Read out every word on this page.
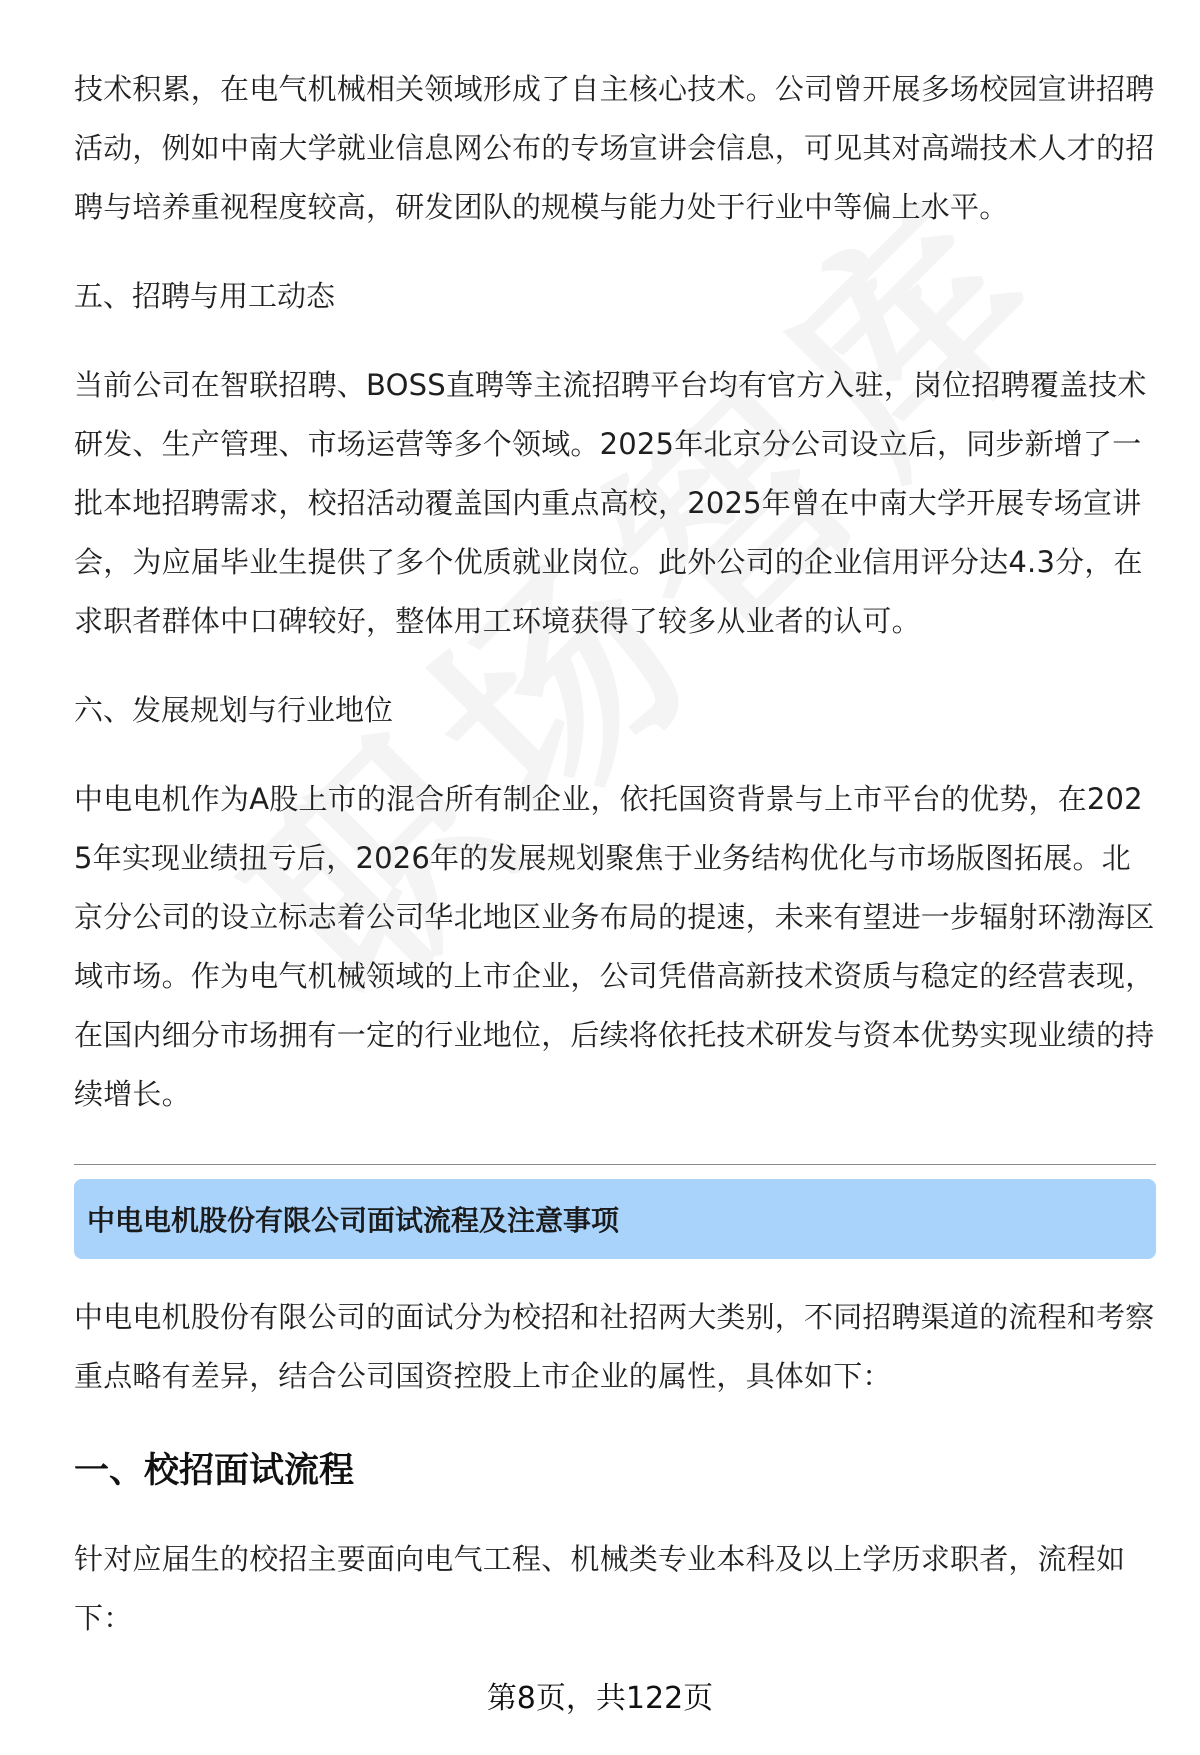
技术积累，在电气机械相关领域形成了自主核心技术。公司曾开展多场校园宣讲招聘活动，例如中南大学就业信息网公布的专场宣讲会信息，可见其对高端技术人才的招聘与培养重视程度较高，研发团队的规模与能力处于行业中等偏上水平。

五、招聘与用工动态

当前公司在智联招聘、BOSS直聘等主流招聘平台均有官方入驻，岗位招聘覆盖技术研发、生产管理、市场运营等多个领域。2025年北京分公司设立后，同步新增了一批本地招聘需求，校招活动覆盖国内重点高校，2025年曾在中南大学开展专场宣讲会，为应届毕业生提供了多个优质就业岗位。此外公司的企业信用评分达4.3分，在求职者群体中口碑较好，整体用工环境获得了较多从业者的认可。

六、发展规划与行业地位

中电电机作为A股上市的混合所有制企业，依托国资背景与上市平台的优势，在2025年实现业绩扭亏后，2026年的发展规划聚焦于业务结构优化与市场版图拓展。北京分公司的设立标志着公司华北地区业务布局的提速，未来有望进一步辐射环渤海区域市场。作为电气机械领域的上市企业，公司凭借高新技术资质与稳定的经营表现，在国内细分市场拥有一定的行业地位，后续将依托技术研发与资本优势实现业绩的持续增长。

中电电机股份有限公司面试流程及注意事项

中电电机股份有限公司的面试分为校招和社招两大类别，不同招聘渠道的流程和考察重点略有差异，结合公司国资控股上市企业的属性，具体如下：

一、校招面试流程

针对应届生的校招主要面向电气工程、机械类专业本科及以上学历求职者，流程如下：

第8页，共122页
